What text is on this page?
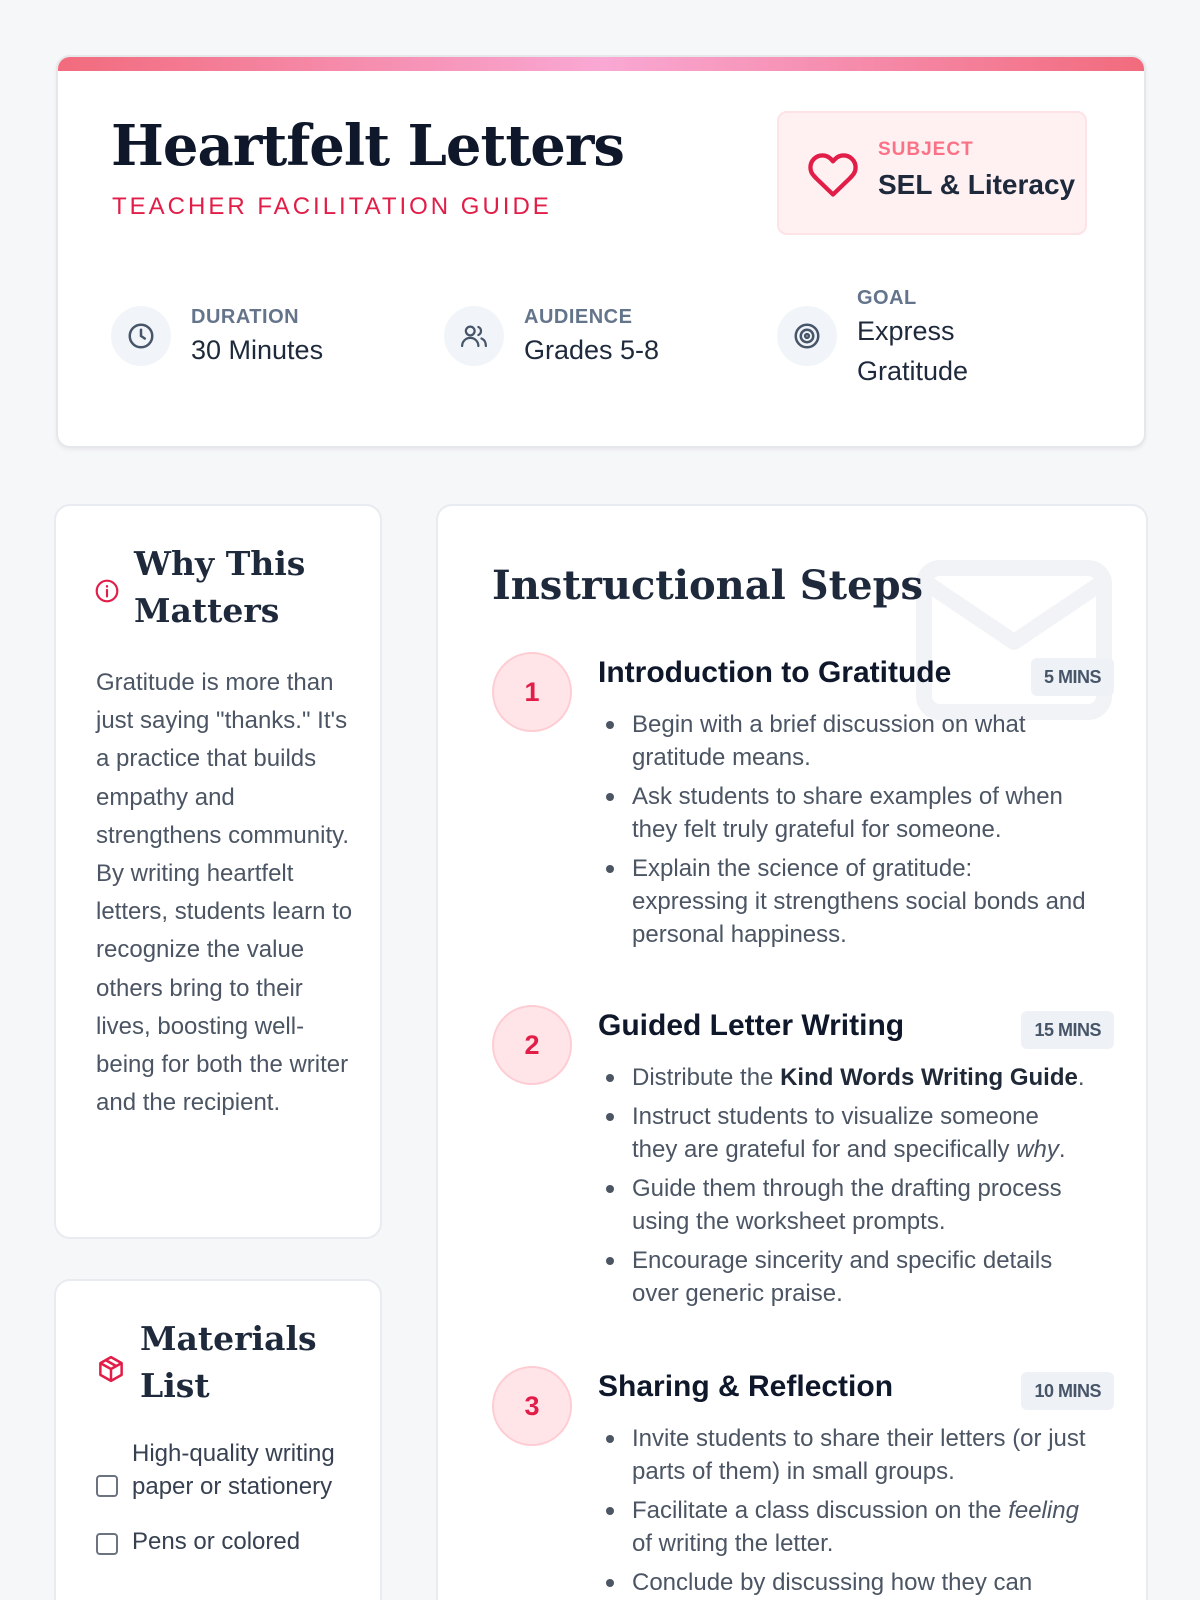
Heartfelt Letters
TEACHER FACILITATION GUIDE
SUBJECT
SEL & Literacy
DURATION
30 Minutes
AUDIENCE
Grades 5-8
GOAL
Express
Gratitude
Why This
Matters

Gratitude is more than just saying "thanks." It's a practice that builds empathy and strengthens community. By writing heartfelt letters, students learn to recognize the value others bring to their lives, boosting well-being for both the writer and the recipient.

Materials
List
High-quality writing paper or stationery
Pens or colored
Instructional Steps
1
Introduction to Gratitude	5 MINS
Begin with a brief discussion on what gratitude means.
Ask students to share examples of when they felt truly grateful for someone.
Explain the science of gratitude: expressing it strengthens social bonds and personal happiness.
2
Guided Letter Writing	15 MINS
Distribute the Kind Words Writing Guide.
Instruct students to visualize someone they are grateful for and specifically why.
Guide them through the drafting process using the worksheet prompts.
Encourage sincerity and specific details over generic praise.
3
Sharing & Reflection	10 MINS
Invite students to share their letters (or just parts of them) in small groups.
Facilitate a class discussion on the feeling of writing the letter.
Conclude by discussing how they can
